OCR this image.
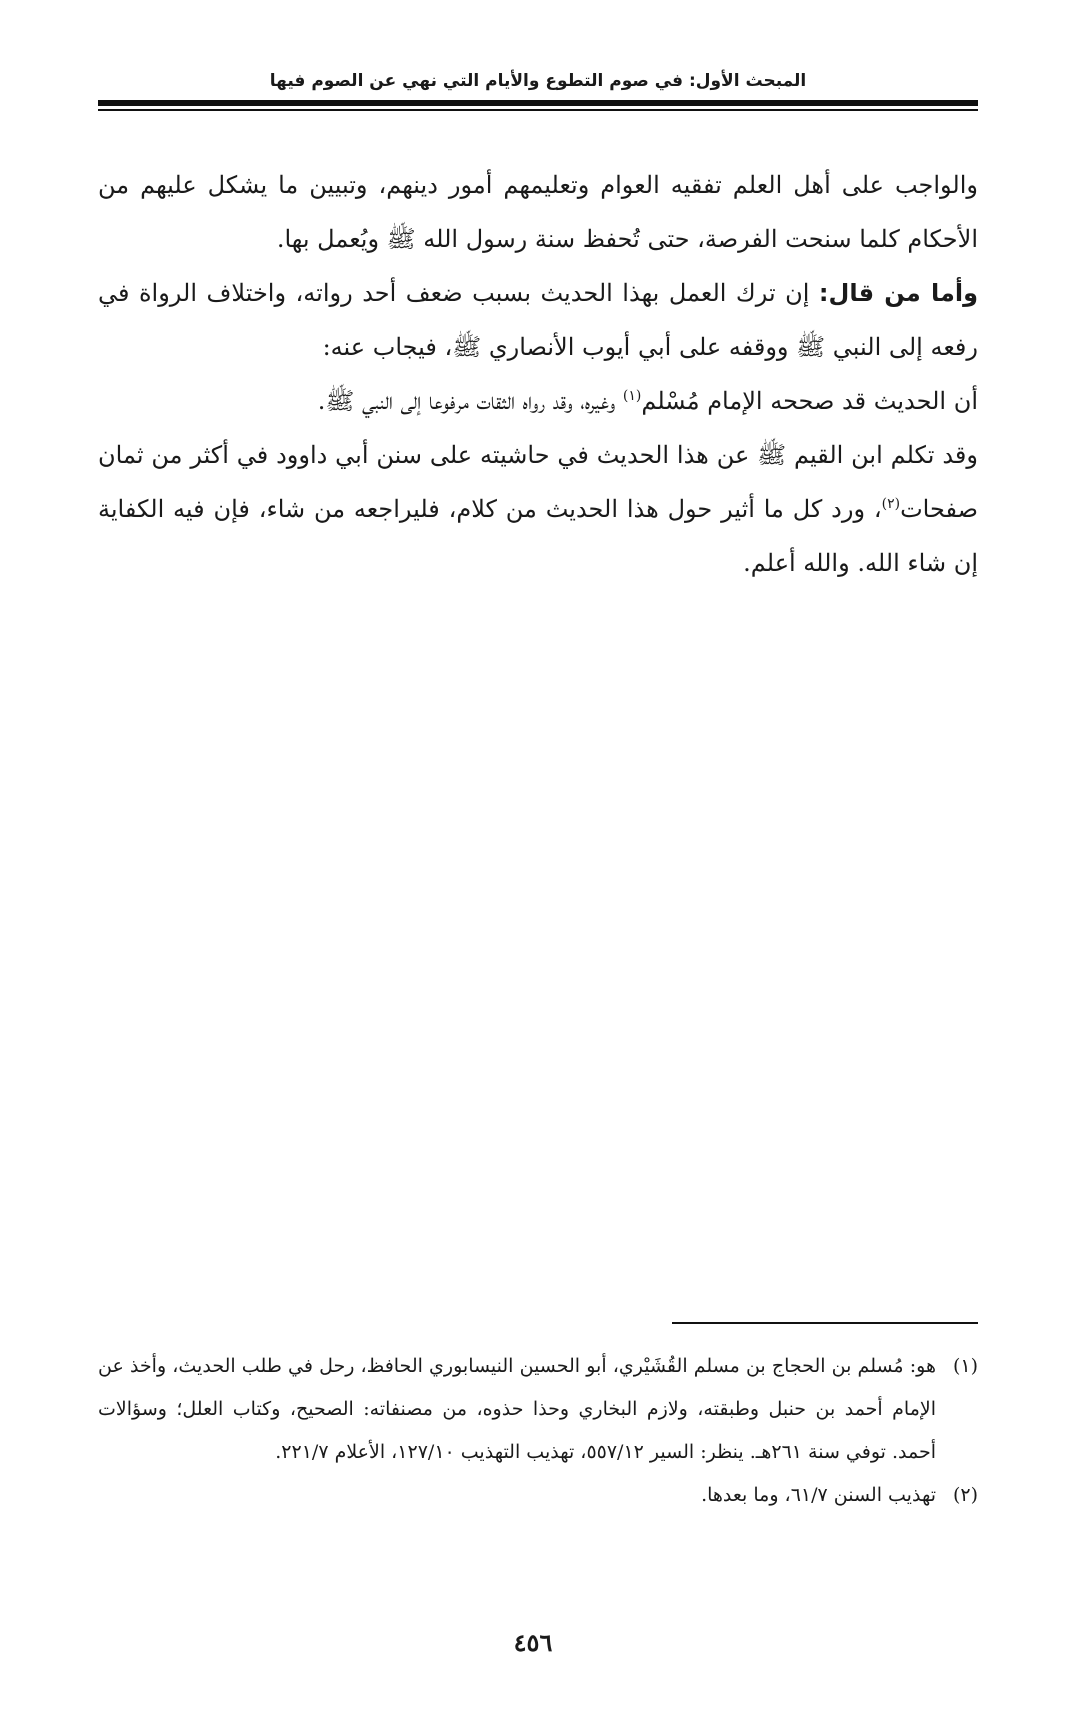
المبحث الأول: في صوم التطوع والأيام التي نهي عن الصوم فيها

والواجب على أهل العلم تفقيه العوام وتعليمهم أمور دينهم، وتبيين ما يشكل عليهم من الأحكام كلما سنحت الفرصة، حتى تُحفظ سنة رسول الله ﷺ ويُعمل بها.

وأما من قال: إن ترك العمل بهذا الحديث بسبب ضعف أحد رواته، واختلاف الرواة في رفعه إلى النبي ﷺ ووقفه على أبي أيوب الأنصاري ﷺ، فيجاب عنه:

أن الحديث قد صححه الإمام مُسْلم$^{(١)}$ وغيره، وقد رواه الثقات مرفوعا إلى النبي ﷺ.

وقد تكلم ابن القيم ﷺ عن هذا الحديث في حاشيته على سنن أبي داوود في أكثر من ثمان صفحات$^{(٢)}$، ورد كل ما أثير حول هذا الحديث من كلام، فليراجعه من شاء، فإن فيه الكفاية إن شاء الله. والله أعلم.

(١)
هو: مُسلم بن الحجاج بن مسلم القُشَيْري، أبو الحسين النيسابوري الحافظ، رحل في طلب الحديث، وأخذ عن الإمام أحمد بن حنبل وطبقته، ولازم البخاري وحذا حذوه، من مصنفاته: الصحيح، وكتاب العلل؛ وسؤالات أحمد. توفي سنة ٢٦١هـ. ينظر: السير ٥٥٧/١٢، تهذيب التهذيب ١٢٧/١٠، الأعلام ٢٢١/٧.
(٢)
تهذيب السنن ٦١/٧، وما بعدها.
٤٥٦
